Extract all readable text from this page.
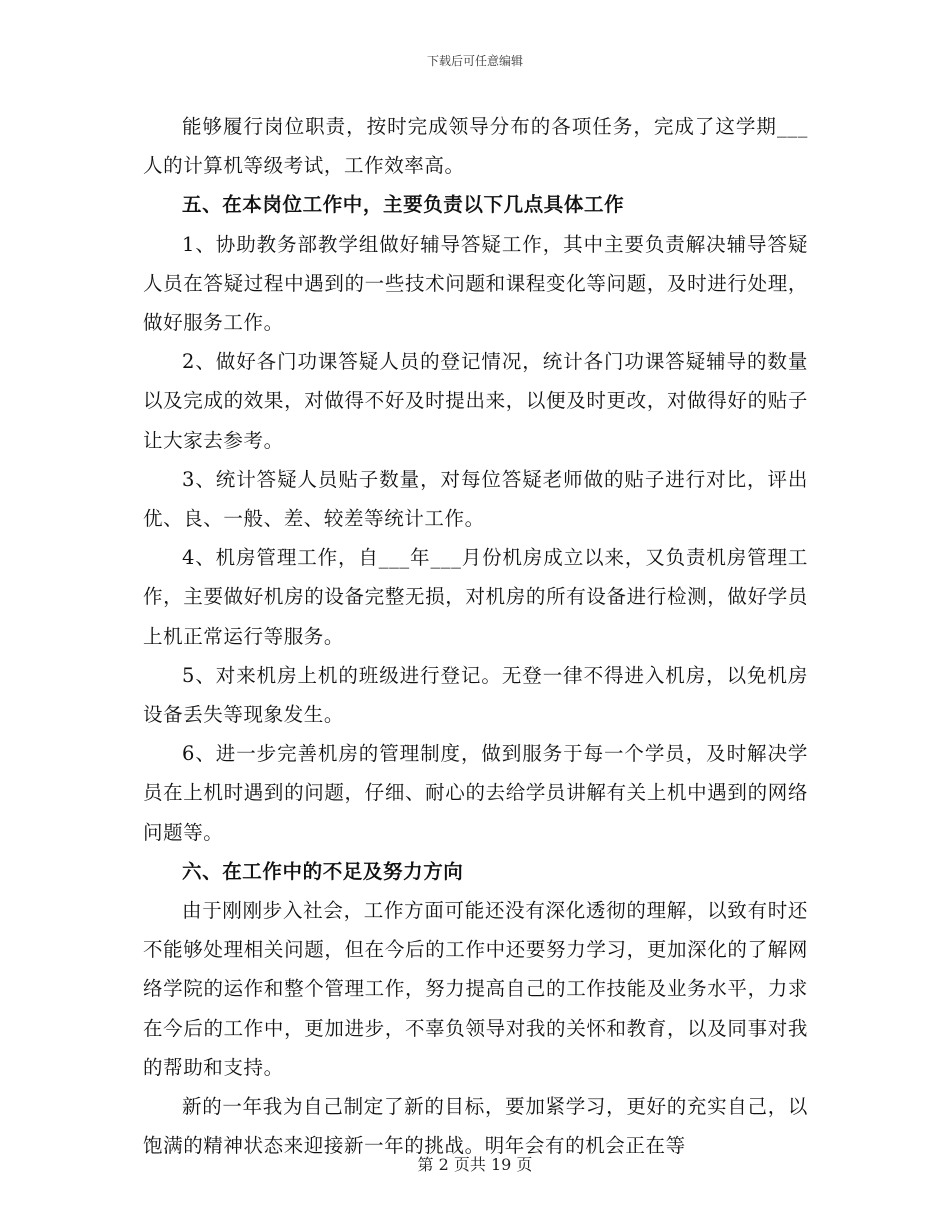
下载后可任意编辑

能够履行岗位职责，按时完成领导分布的各项任务，完成了这学期___人的计算机等级考试，工作效率高。

五、在本岗位工作中，主要负责以下几点具体工作

1、协助教务部教学组做好辅导答疑工作，其中主要负责解决辅导答疑人员在答疑过程中遇到的一些技术问题和课程变化等问题，及时进行处理，做好服务工作。

2、做好各门功课答疑人员的登记情况，统计各门功课答疑辅导的数量以及完成的效果，对做得不好及时提出来，以便及时更改，对做得好的贴子让大家去参考。

3、统计答疑人员贴子数量，对每位答疑老师做的贴子进行对比，评出优、良、一般、差、较差等统计工作。

4、机房管理工作，自___年___月份机房成立以来，又负责机房管理工作，主要做好机房的设备完整无损，对机房的所有设备进行检测，做好学员上机正常运行等服务。

5、对来机房上机的班级进行登记。无登一律不得进入机房，以免机房设备丢失等现象发生。

6、进一步完善机房的管理制度，做到服务于每一个学员，及时解决学员在上机时遇到的问题，仔细、耐心的去给学员讲解有关上机中遇到的网络问题等。

六、在工作中的不足及努力方向

由于刚刚步入社会，工作方面可能还没有深化透彻的理解，以致有时还不能够处理相关问题，但在今后的工作中还要努力学习，更加深化的了解网络学院的运作和整个管理工作，努力提高自己的工作技能及业务水平，力求在今后的工作中，更加进步，不辜负领导对我的关怀和教育，以及同事对我的帮助和支持。

新的一年我为自己制定了新的目标，要加紧学习，更好的充实自己，以饱满的精神状态来迎接新一年的挑战。明年会有的机会正在等

第 2 页共 19 页
